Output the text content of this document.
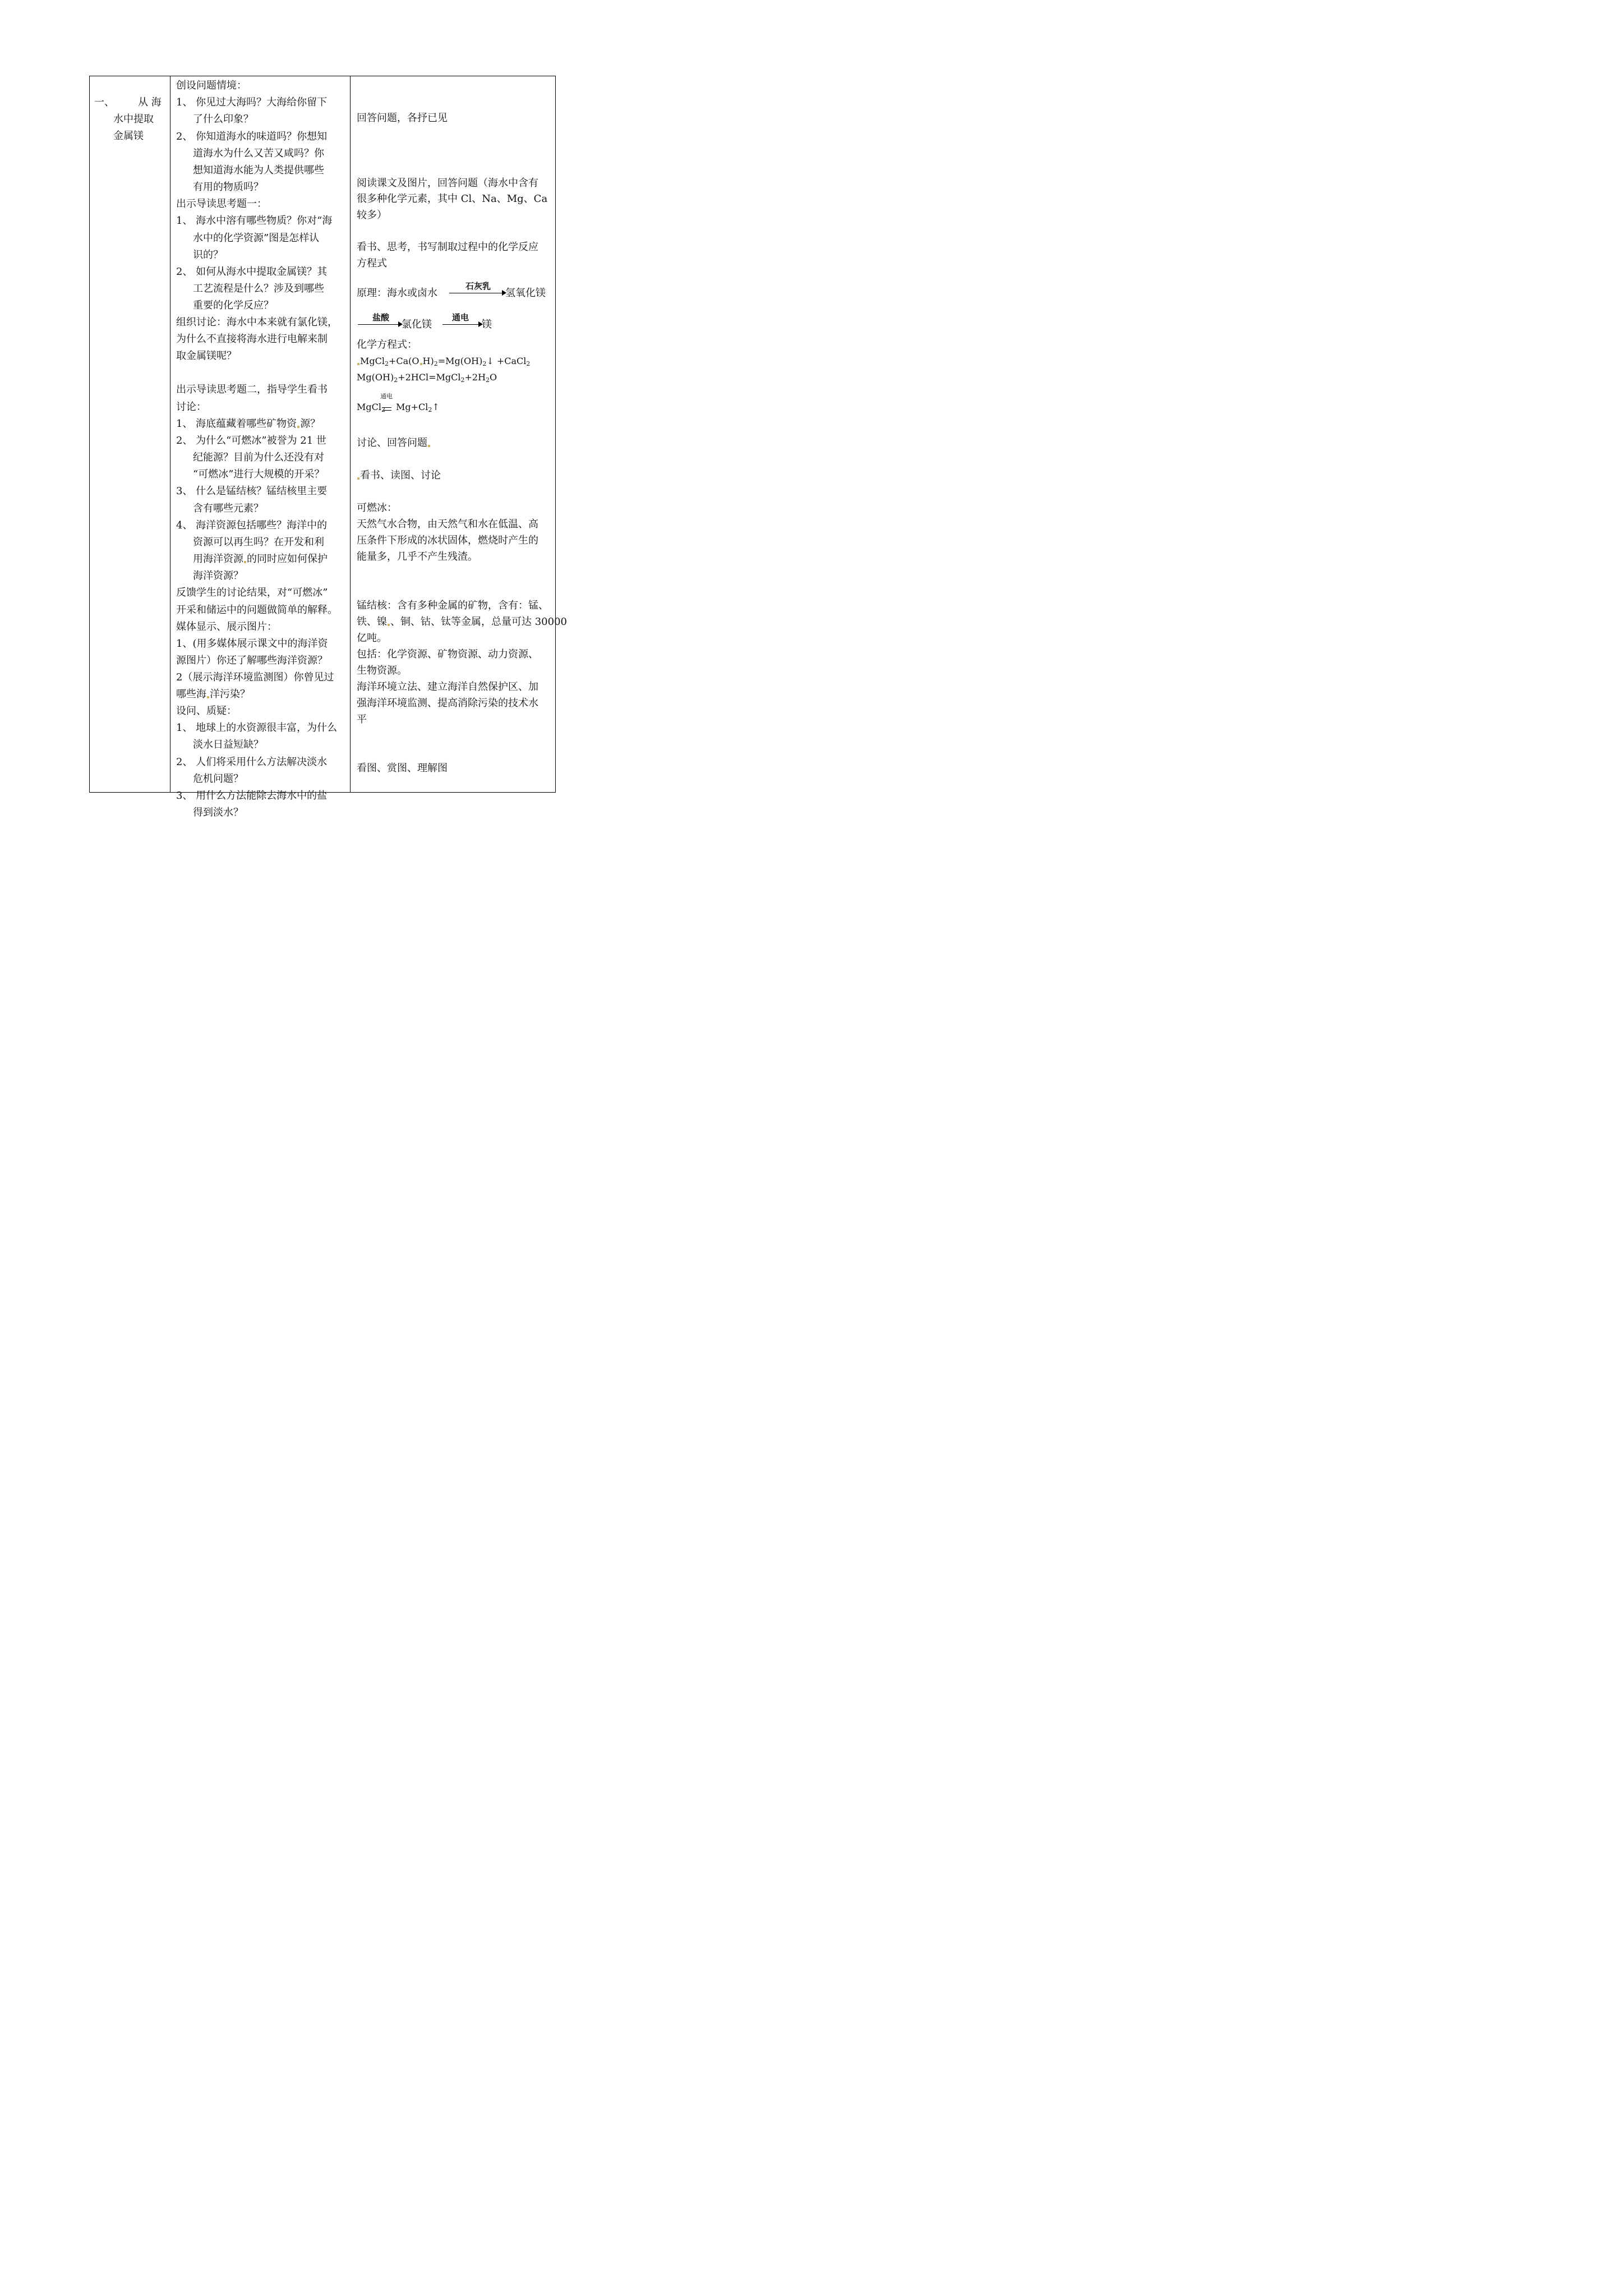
一、 从 海
水中提取
金属镁
创设问题情境：
1、 你见过大海吗？大海给你留下
了什么印象？
2、 你知道海水的味道吗？你想知
道海水为什么又苦又咸吗？你
想知道海水能为人类提供哪些
有用的物质吗？
出示导读思考题一：
1、 海水中溶有哪些物质？你对“海
水中的化学资源”图是怎样认
识的？
2、 如何从海水中提取金属镁？其
工艺流程是什么？涉及到哪些
重要的化学反应？
组织讨论：海水中本来就有氯化镁，
为什么不直接将海水进行电解来制
取金属镁呢？
出示导读思考题二，指导学生看书
讨论：
1、 海底蕴藏着哪些矿物资 源？
2、 为什么“可燃冰”被誉为 21 世
纪能源？目前为什么还没有对
“可燃冰”进行大规模的开采？
3、 什么是锰结核？锰结核里主要
含有哪些元素？
4、 海洋资源包括哪些？海洋中的
资源可以再生吗？在开发和利
用海洋资源 的同时应如何保护
海洋资源？
反馈学生的讨论结果，对“可燃冰”
开采和储运中的问题做简单的解释。
媒体显示、展示图片：
1、(用多媒体展示课文中的海洋资
源图片）你还了解哪些海洋资源？
2（展示海洋环境监测图）你曾见过
哪些海 洋污染？
设问、质疑：
1、 地球上的水资源很丰富，为什么
淡水日益短缺？
2、 人们将采用什么方法解决淡水
危机问题？
3、 用什么方法能除去海水中的盐
得到淡水？
回答问题，各抒已见
阅读课文及图片，回答问题（海水中含有
很多种化学元素，其中 Cl、Na、Mg、Ca
较多）
看书、思考，书写制取过程中的化学反应
方程式
原理：海水或卤水
石灰乳
氢氧化镁
盐酸
氯化镁
通电
镁
化学方程式：
MgCl$_2$+Ca(O $H)_2=Mg(OH)_2↓$ +CaCl$_2$
$Mg(OH)_2+2HCl=MgCl_2+2H_2O$
通电
MgCl$_2$ $Mg+Cl_2↑$
讨论、回答问题
看书、读图、讨论
可燃冰：
天然气水合物，由天然气和水在低温、高
压条件下形成的冰状固体，燃烧时产生的
能量多，几乎不产生残渣。
锰结核：含有多种金属的矿物，含有：锰、
铁、镍 、铜、钴、钛等金属，总量可达 30000
亿吨。
包括：化学资源、矿物资源、动力资源、
生物资源。
海洋环境立法、建立海洋自然保护区、加
强海洋环境监测、提高消除污染的技术水
平
看图、赏图、理解图
